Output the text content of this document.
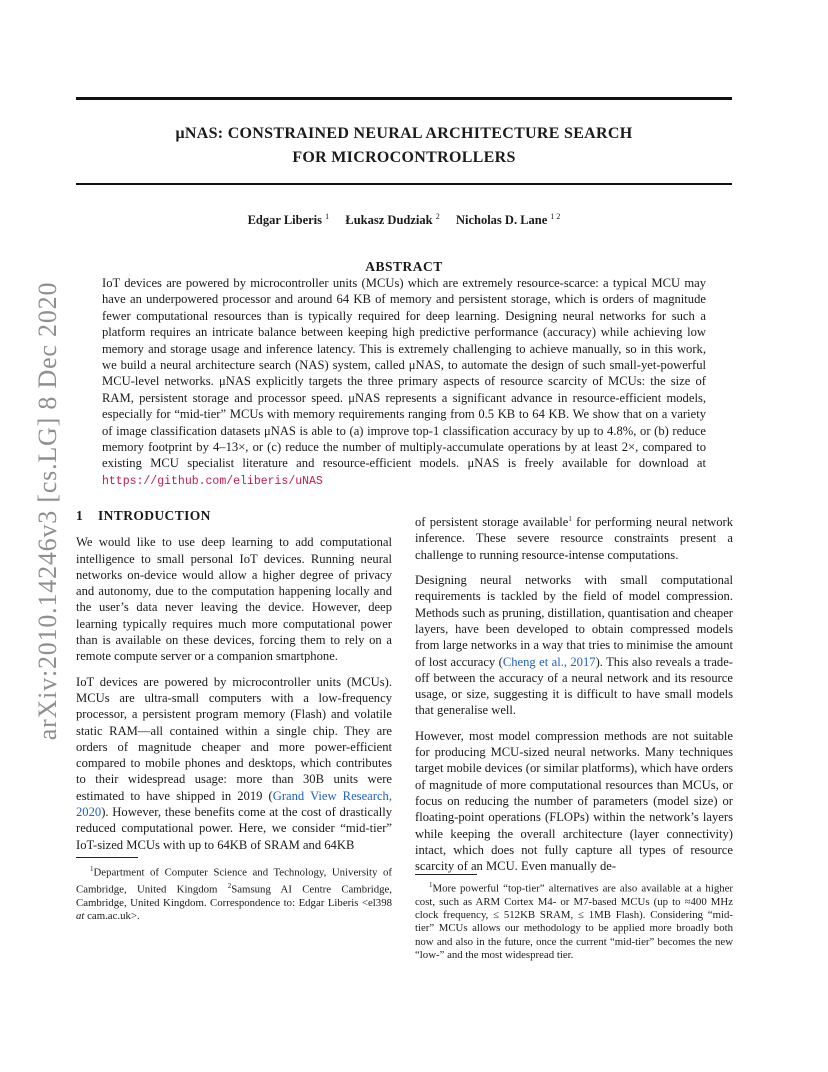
μNAS: CONSTRAINED NEURAL ARCHITECTURE SEARCH
FOR MICROCONTROLLERS
Edgar Liberis $^1$ Łukasz Dudziak $^2$ Nicholas D. Lane $^{1 2}$
ABSTRACT

IoT devices are powered by microcontroller units (MCUs) which are extremely resource-scarce: a typical MCU may have an underpowered processor and around 64 KB of memory and persistent storage, which is orders of magnitude fewer computational resources than is typically required for deep learning. Designing neural networks for such a platform requires an intricate balance between keeping high predictive performance (accuracy) while achieving low memory and storage usage and inference latency. This is extremely challenging to achieve manually, so in this work, we build a neural architecture search (NAS) system, called μNAS, to automate the design of such small-yet-powerful MCU-level networks. μNAS explicitly targets the three primary aspects of resource scarcity of MCUs: the size of RAM, persistent storage and processor speed. μNAS represents a significant advance in resource-efficient models, especially for “mid-tier” MCUs with memory requirements ranging from 0.5 KB to 64 KB. We show that on a variety of image classification datasets μNAS is able to (a) improve top-1 classification accuracy by up to 4.8%, or (b) reduce memory footprint by 4–13×, or (c) reduce the number of multiply-accumulate operations by at least 2×, compared to existing MCU specialist literature and resource-efficient models. μNAS is freely available for download at https://github.com/eliberis/uNAS

arXiv:2010.14246v3 [cs.LG] 8 Dec 2020 1 INTRODUCTION

We would like to use deep learning to add computational intelligence to small personal IoT devices. Running neural networks on-device would allow a higher degree of privacy and autonomy, due to the computation happening locally and the user’s data never leaving the device. However, deep learning typically requires much more computational power than is available on these devices, forcing them to rely on a remote compute server or a companion smartphone.

IoT devices are powered by microcontroller units (MCUs). MCUs are ultra-small computers with a low-frequency processor, a persistent program memory (Flash) and volatile static RAM—all contained within a single chip. They are orders of magnitude cheaper and more power-efficient compared to mobile phones and desktops, which contributes to their widespread usage: more than 30B units were estimated to have shipped in 2019 (Grand View Research, 2020). However, these benefits come at the cost of drastically reduced computational power. Here, we consider “mid-tier” IoT-sized MCUs with up to 64KB of SRAM and 64KB

$^1$Department of Computer Science and Technology, University of Cambridge, United Kingdom $^2$Samsung AI Centre Cambridge, Cambridge, United Kingdom. Correspondence to: Edgar Liberis <el398 at cam.ac.uk>.

of persistent storage available$^1$ for performing neural network inference. These severe resource constraints present a challenge to running resource-intense computations.

Designing neural networks with small computational requirements is tackled by the field of model compression. Methods such as pruning, distillation, quantisation and cheaper layers, have been developed to obtain compressed models from large networks in a way that tries to minimise the amount of lost accuracy (Cheng et al., 2017). This also reveals a trade-off between the accuracy of a neural network and its resource usage, or size, suggesting it is difficult to have small models that generalise well.

However, most model compression methods are not suitable for producing MCU-sized neural networks. Many techniques target mobile devices (or similar platforms), which have orders of magnitude of more computational resources than MCUs, or focus on reducing the number of parameters (model size) or floating-point operations (FLOPs) within the network’s layers while keeping the overall architecture (layer connectivity) intact, which does not fully capture all types of resource scarcity of an MCU. Even manually de-

$^1$More powerful “top-tier” alternatives are also available at a higher cost, such as ARM Cortex M4- or M7-based MCUs (up to ≈400 MHz clock frequency, ≤ 512KB SRAM, ≤ 1MB Flash). Considering “mid-tier” MCUs allows our methodology to be applied more broadly both now and also in the future, once the current “mid-tier” becomes the new “low-” and the most widespread tier.
